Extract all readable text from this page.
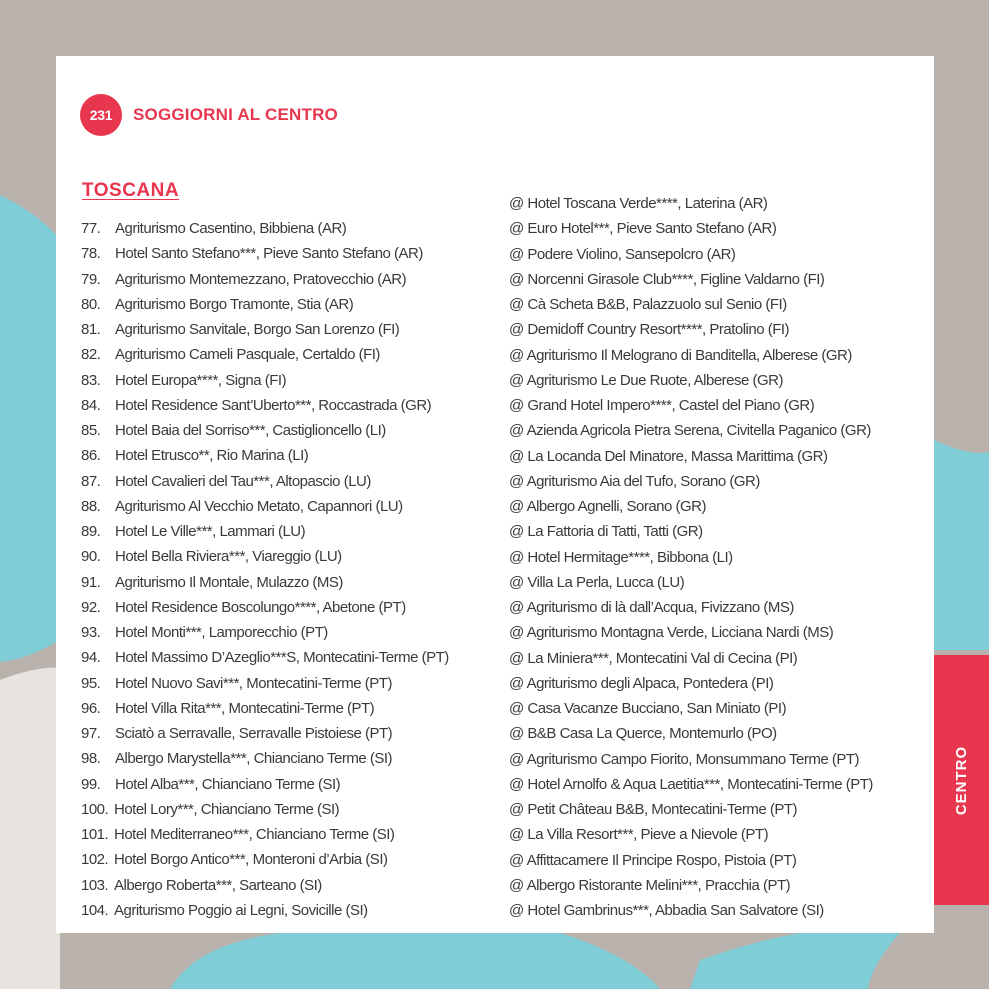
231	SOGGIORNI AL CENTRO
TOSCANA
77. Agriturismo Casentino, Bibbiena (AR)
78. Hotel Santo Stefano***, Pieve Santo Stefano (AR)
79. Agriturismo Montemezzano, Pratovecchio (AR)
80. Agriturismo Borgo Tramonte, Stia (AR)
81. Agriturismo Sanvitale, Borgo San Lorenzo (FI)
82. Agriturismo Cameli Pasquale, Certaldo (FI)
83. Hotel Europa****, Signa (FI)
84. Hotel Residence Sant’Uberto***, Roccastrada (GR)
85. Hotel Baia del Sorriso***, Castiglioncello (LI)
86. Hotel Etrusco**, Rio Marina (LI)
87. Hotel Cavalieri del Tau***, Altopascio (LU)
88. Agriturismo Al Vecchio Metato, Capannori (LU)
89. Hotel Le Ville***, Lammari (LU)
90. Hotel Bella Riviera***, Viareggio (LU)
91. Agriturismo Il Montale, Mulazzo (MS)
92. Hotel Residence Boscolungo****, Abetone (PT)
93. Hotel Monti***, Lamporecchio (PT)
94. Hotel Massimo D’Azeglio***S, Montecatini-Terme (PT)
95. Hotel Nuovo Savi***, Montecatini-Terme (PT)
96. Hotel Villa Rita***, Montecatini-Terme (PT)
97. Sciatò a Serravalle, Serravalle Pistoiese (PT)
98. Albergo Marystella***, Chianciano Terme (SI)
99. Hotel Alba***, Chianciano Terme (SI)
100. Hotel Lory***, Chianciano Terme (SI)
101. Hotel Mediterraneo***, Chianciano Terme (SI)
102. Hotel Borgo Antico***, Monteroni d’Arbia (SI)
103. Albergo Roberta***, Sarteano (SI)
104. Agriturismo Poggio ai Legni, Sovicille (SI)
@ Hotel Toscana Verde****, Laterina (AR)
@ Euro Hotel***, Pieve Santo Stefano (AR)
@ Podere Violino, Sansepolcro (AR)
@ Norcenni Girasole Club****, Figline Valdarno (FI)
@ Cà Scheta B&B, Palazzuolo sul Senio (FI)
@ Demidoff Country Resort****, Pratolino (FI)
@ Agriturismo Il Melograno di Banditella, Alberese (GR)
@ Agriturismo Le Due Ruote, Alberese (GR)
@ Grand Hotel Impero****, Castel del Piano (GR)
@ Azienda Agricola Pietra Serena, Civitella Paganico (GR)
@ La Locanda Del Minatore, Massa Marittima (GR)
@ Agriturismo Aia del Tufo, Sorano (GR)
@ Albergo Agnelli, Sorano (GR)
@ La Fattoria di Tatti, Tatti (GR)
@ Hotel Hermitage****, Bibbona (LI)
@ Villa La Perla, Lucca (LU)
@ Agriturismo di là dall’Acqua, Fivizzano (MS)
@ Agriturismo Montagna Verde, Licciana Nardi (MS)
@ La Miniera***, Montecatini Val di Cecina (PI)
@ Agriturismo degli Alpaca, Pontedera (PI)
@ Casa Vacanze Bucciano, San Miniato (PI)
@ B&B Casa La Querce, Montemurlo (PO)
@ Agriturismo Campo Fiorito, Monsummano Terme (PT)
@ Hotel Arnolfo & Aqua Laetitia***, Montecatini-Terme (PT)
@ Petit Château B&B, Montecatini-Terme (PT)
@ La Villa Resort***, Pieve a Nievole (PT)
@ Affittacamere Il Principe Rospo, Pistoia (PT)
@ Albergo Ristorante Melini***, Pracchia (PT)
@ Hotel Gambrinus***, Abbadia San Salvatore (SI)
CENTRO
